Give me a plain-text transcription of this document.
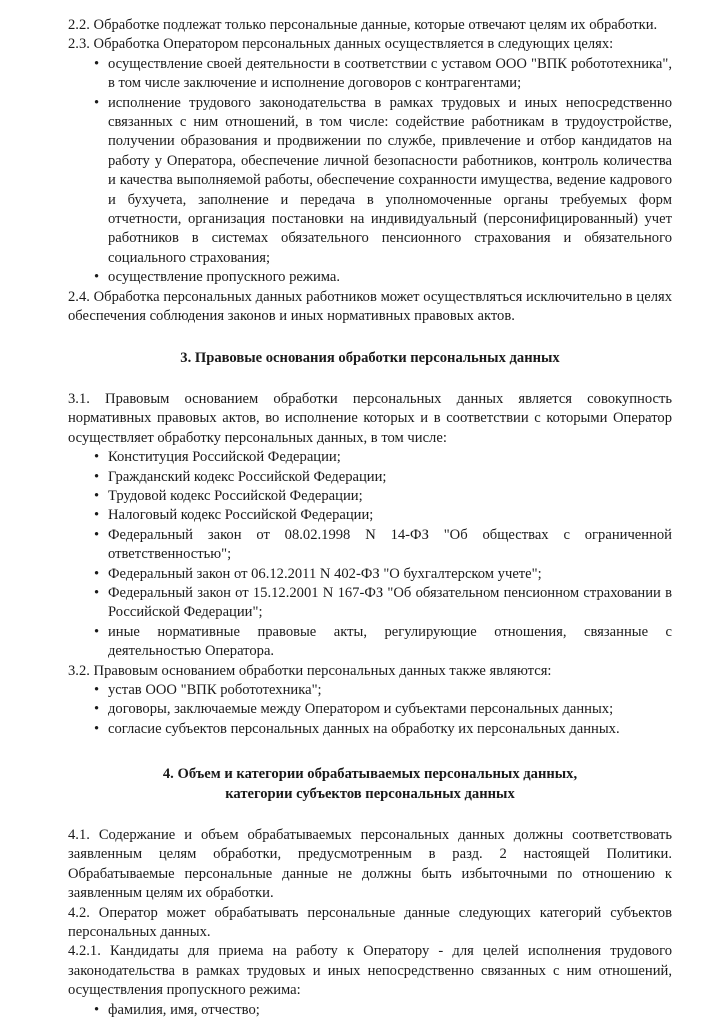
2.2. Обработке подлежат только персональные данные, которые отвечают целям их обработки.

2.3. Обработка Оператором персональных данных осуществляется в следующих целях:

• осуществление своей деятельности в соответствии с уставом ООО "ВПК робототехника", в том числе заключение и исполнение договоров с контрагентами;
• исполнение трудового законодательства в рамках трудовых и иных непосредственно связанных с ним отношений, в том числе: содействие работникам в трудоустройстве, получении образования и продвижении по службе, привлечение и отбор кандидатов на работу у Оператора, обеспечение личной безопасности работников, контроль количества и качества выполняемой работы, обеспечение сохранности имущества, ведение кадрового и бухучета, заполнение и передача в уполномоченные органы требуемых форм отчетности, организация постановки на индивидуальный (персонифицированный) учет работников в системах обязательного пенсионного страхования и обязательного социального страхования;
• осуществление пропускного режима.

2.4. Обработка персональных данных работников может осуществляться исключительно в целях обеспечения соблюдения законов и иных нормативных правовых актов.

3. Правовые основания обработки персональных данных

3.1. Правовым основанием обработки персональных данных является совокупность нормативных правовых актов, во исполнение которых и в соответствии с которыми Оператор осуществляет обработку персональных данных, в том числе:

• Конституция Российской Федерации;
• Гражданский кодекс Российской Федерации;
• Трудовой кодекс Российской Федерации;
• Налоговый кодекс Российской Федерации;
• Федеральный закон от 08.02.1998 N 14-ФЗ "Об обществах с ограниченной ответственностью";
• Федеральный закон от 06.12.2011 N 402-ФЗ "О бухгалтерском учете";
• Федеральный закон от 15.12.2001 N 167-ФЗ "Об обязательном пенсионном страховании в Российской Федерации";
• иные нормативные правовые акты, регулирующие отношения, связанные с деятельностью Оператора.

3.2. Правовым основанием обработки персональных данных также являются:

• устав ООО "ВПК робототехника";
• договоры, заключаемые между Оператором и субъектами персональных данных;
• согласие субъектов персональных данных на обработку их персональных данных.
4. Объем и категории обрабатываемых персональных данных,
категории субъектов персональных данных

4.1. Содержание и объем обрабатываемых персональных данных должны соответствовать заявленным целям обработки, предусмотренным в разд. 2 настоящей Политики. Обрабатываемые персональные данные не должны быть избыточными по отношению к заявленным целям их обработки.

4.2. Оператор может обрабатывать персональные данные следующих категорий субъектов персональных данных.

4.2.1. Кандидаты для приема на работу к Оператору - для целей исполнения трудового законодательства в рамках трудовых и иных непосредственно связанных с ним отношений, осуществления пропускного режима:

• фамилия, имя, отчество;
